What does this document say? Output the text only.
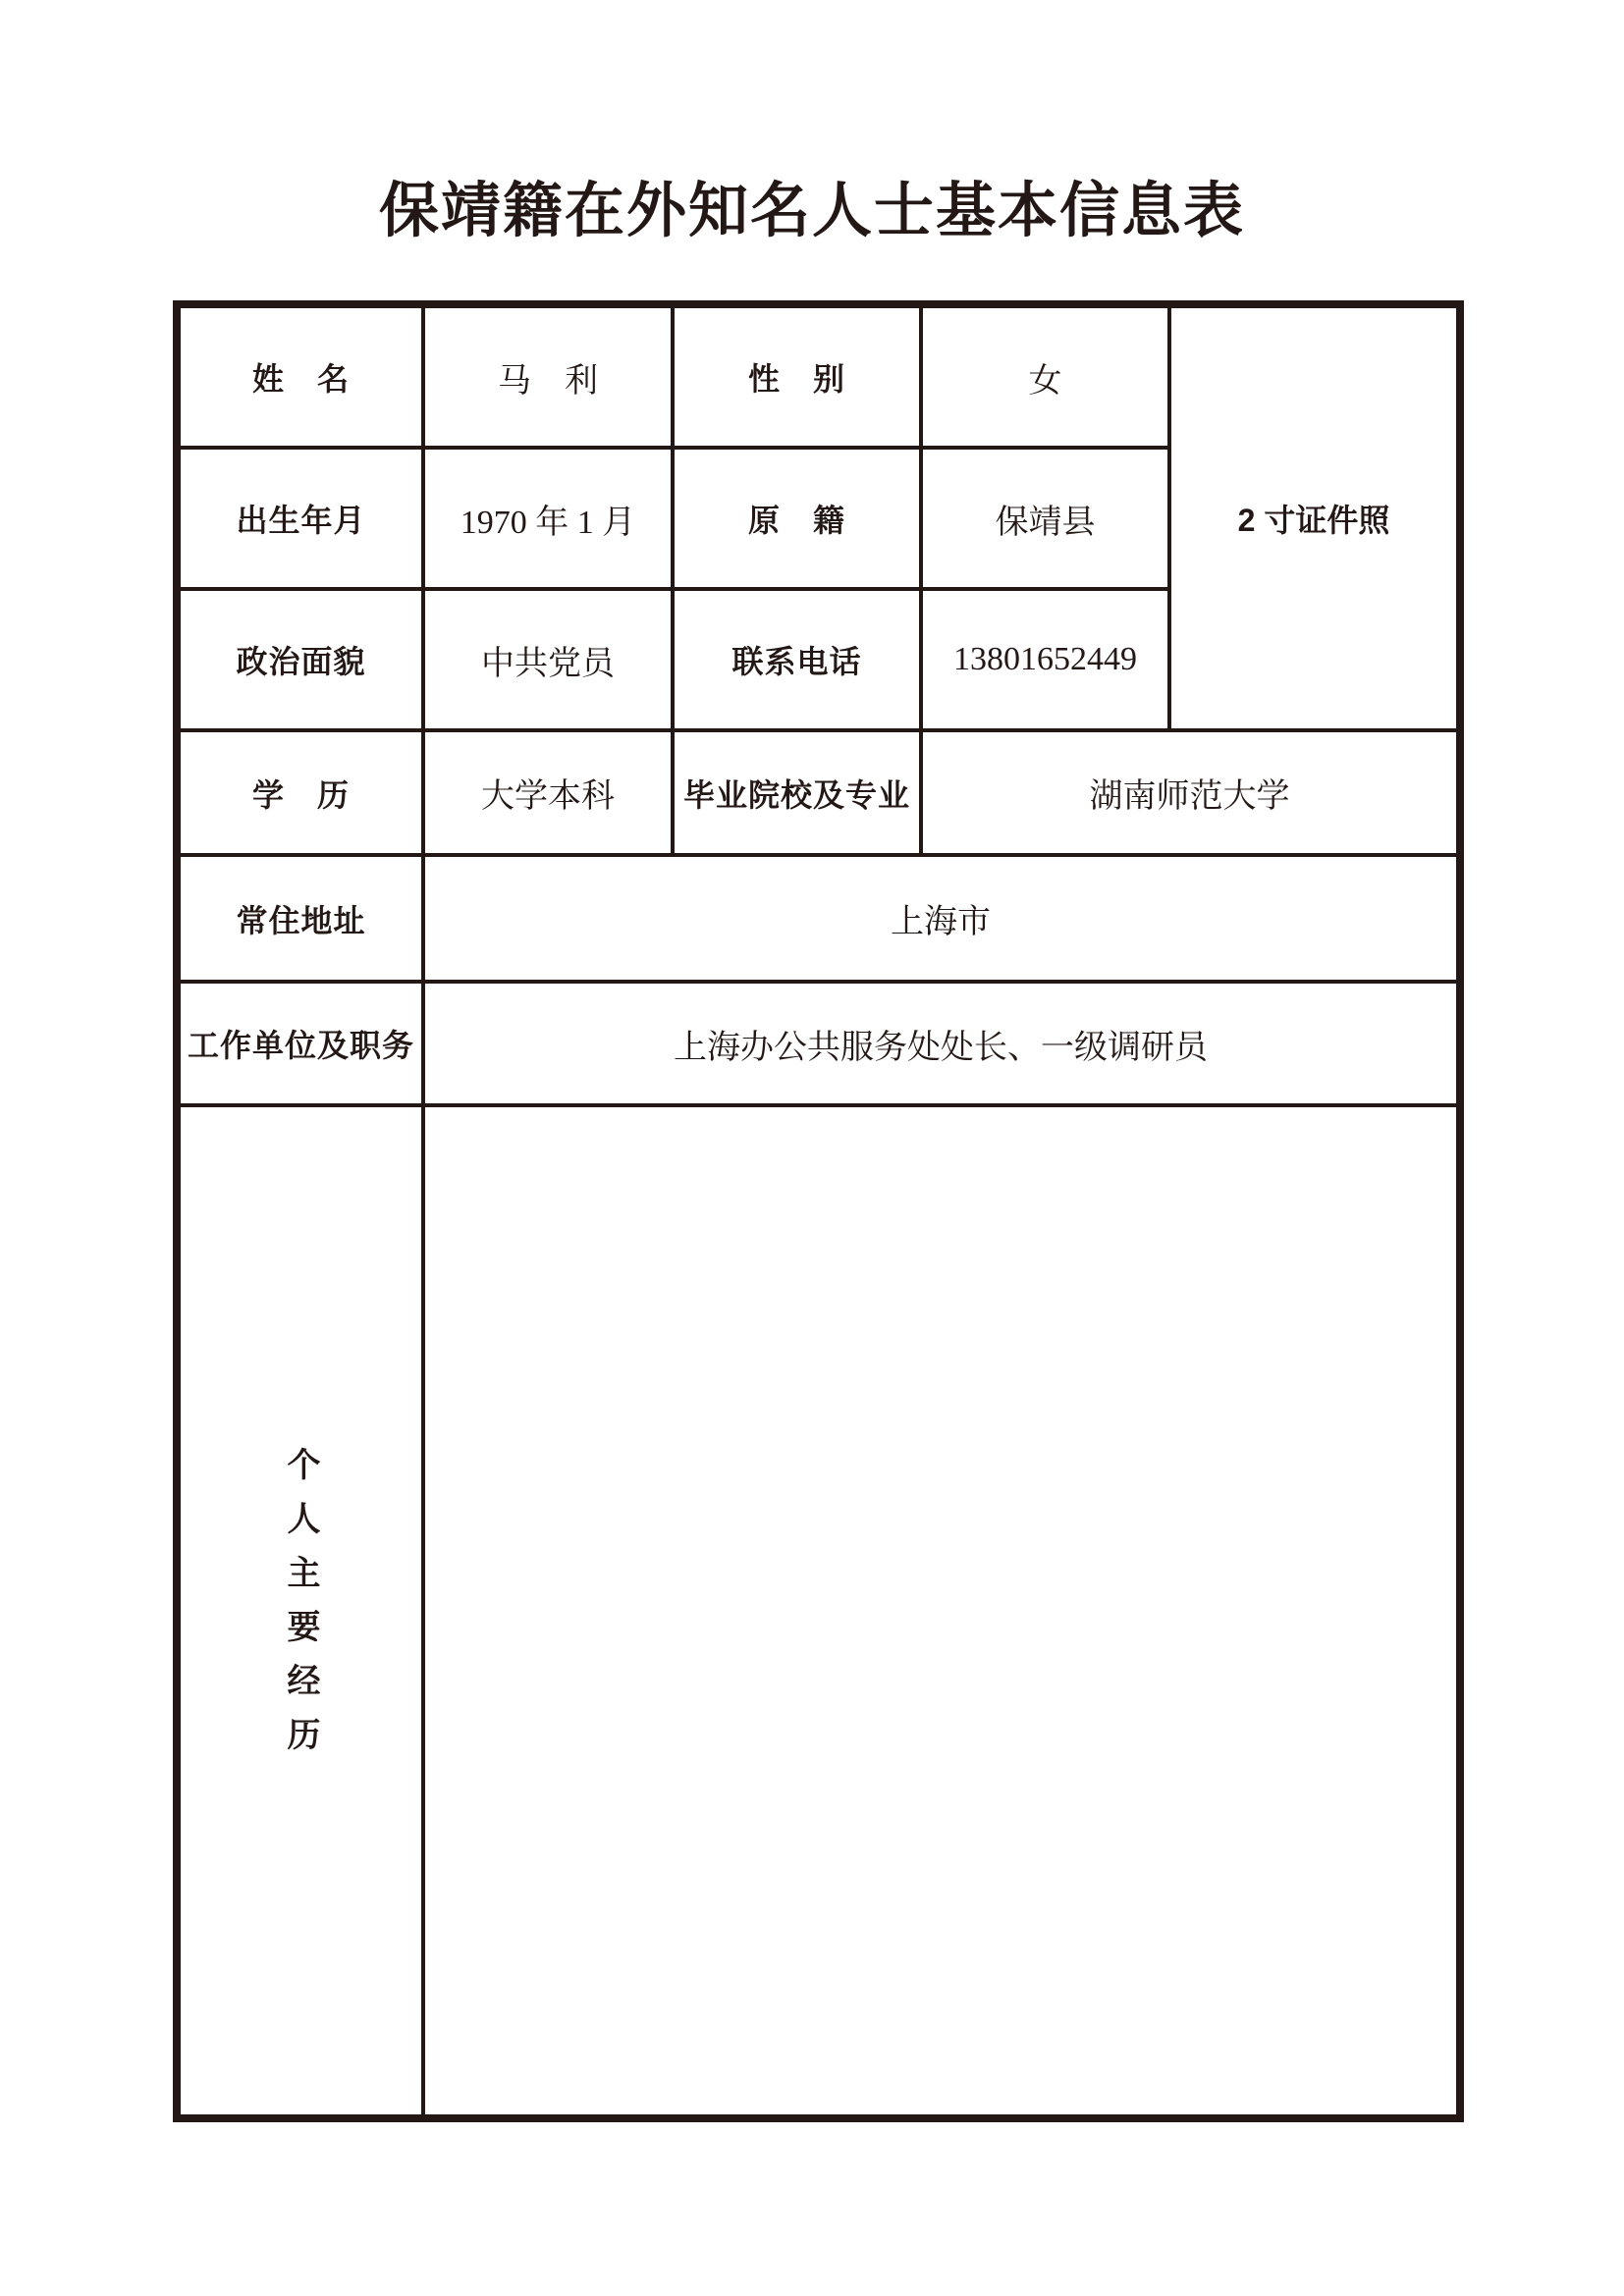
保靖籍在外知名人士基本信息表
姓　名	马　利	性　别	女	2 寸证件照
出生年月	1970 年 1 月	原　籍	保靖县	
政治面貌	中共党员	联系电话	13801652449	
学　历	大学本科	毕业院校及专业	湖南师范大学	
常住地址	上海市			
工作单位及职务	上海办公共服务处处长、一级调研员			
个人主要经历				
